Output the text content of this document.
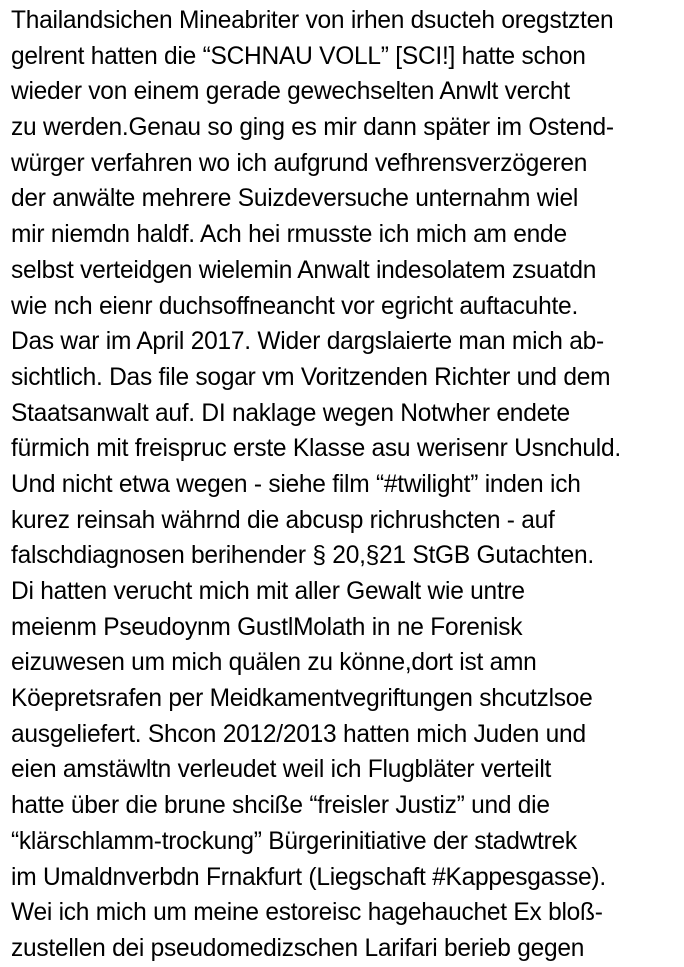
Thailandsichen Mineabriter von irhen dsucteh oregstzten
gelrent hatten die “SCHNAU VOLL” [SCI!] hatte schon
wieder von einem gerade gewechselten Anwlt vercht
zu werden.Genau so ging es mir dann später im Ostend-
würger verfahren wo ich aufgrund vefhrensverzögeren
der anwälte mehrere Suizdeversuche unternahm wiel
mir niemdn haldf. Ach hei rmusste ich mich am ende
selbst verteidgen wielemin Anwalt indesolatem zsuatdn
wie nch eienr duchsoffneancht vor egricht auftacuhte.
Das war im April 2017. Wider dargslaierte man mich ab-
sichtlich. Das file sogar vm Voritzenden Richter und dem
Staatsanwalt auf. DI naklage wegen Notwher endete
fürmich mit freispruc erste Klasse asu werisenr Usnchuld.
Und nicht etwa wegen - siehe film “#twilight” inden ich
kurez reinsah währnd die abcusp richrushcten - auf
falschdiagnosen berihender § 20,§21 StGB Gutachten.
Di hatten veruch​t mich mit aller Gewalt wie untre
meienm Pseudoynm GustlMolath in ne Forenisk
eizuwesen um mich quälen zu könne,dort ist amn
Köepretsrafen per Meidkamentvegriftungen shcutzlsoe
ausgeliefert. Shcon 2012/2013 hatten mich Juden und
eien amstäwltn verleudet weil ich Flugbläter verteilt
hatte über die brune shciße “freisler Justiz” und die
“klärschlamm-trockung” Bürgerinitiative der stadwtrek
im Umaldnverbdn Frnakfurt (Liegschaft #Kappesgasse).
Wei ich mich um meine estoreisc hagehauchet Ex bloß-
zustellen dei pseudomedizschen Larifari berieb gegen
